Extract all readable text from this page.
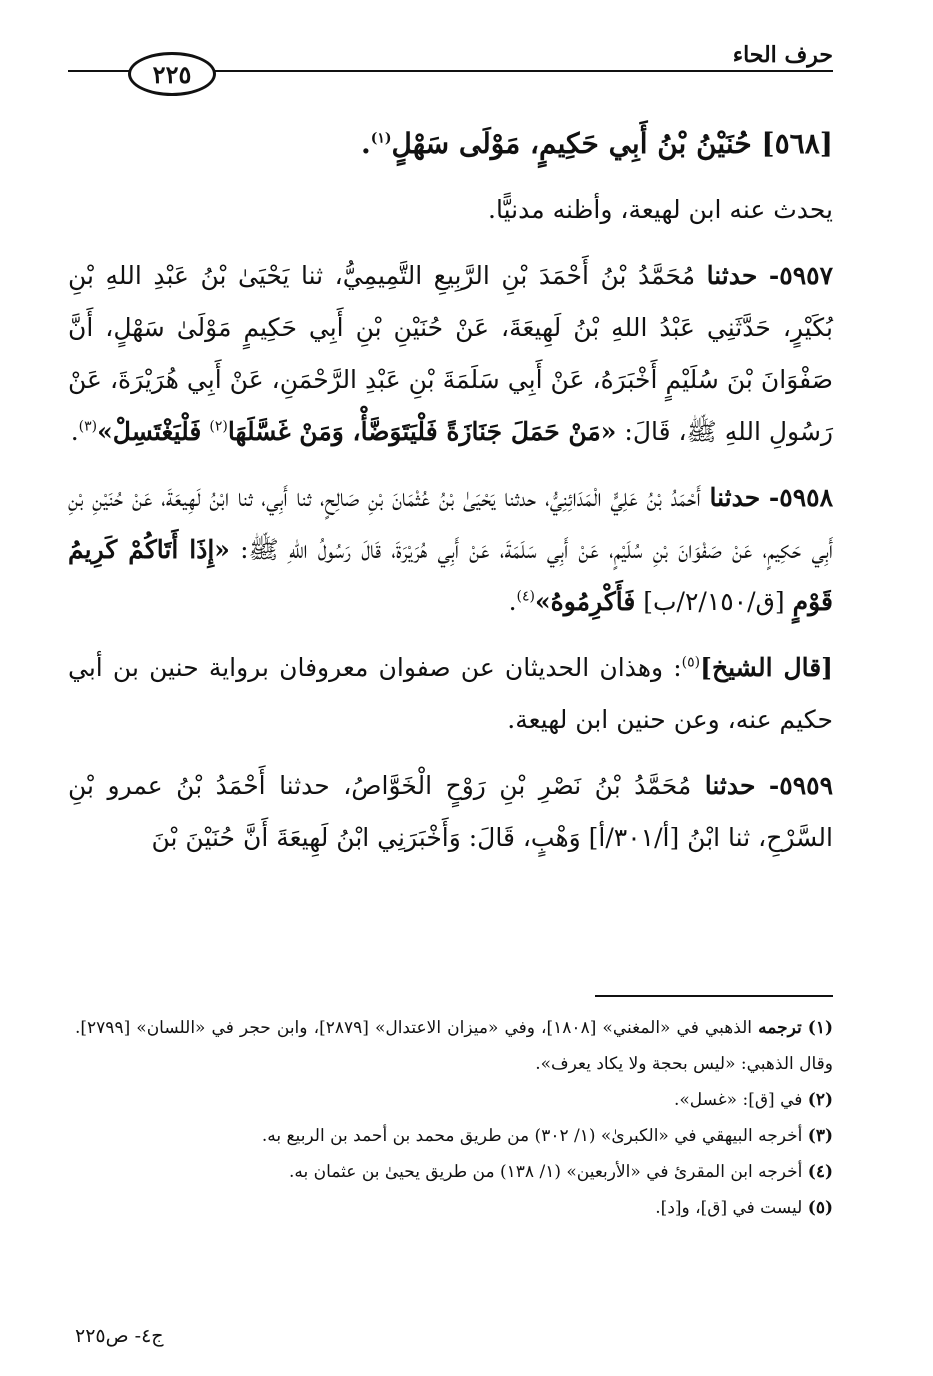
حرف الحاء
٢٢٥
[٥٦٨] حُنَيْنُ بْنُ أَبِي حَكِيمٍ، مَوْلَى سَهْلٍ$^{(١)}$.
يحدث عنه ابن لهيعة، وأظنه مدنيًّا.
٥٩٥٧- حدثنا مُحَمَّدُ بْنُ أَحْمَدَ بْنِ الرَّبِيعِ التَّمِيمِيُّ، ثنا يَحْيَىٰ بْنُ عَبْدِ اللهِ بْنِ بُكَيْرٍ، حَدَّثَنِي عَبْدُ اللهِ بْنُ لَهِيعَةَ، عَنْ حُنَيْنِ بْنِ أَبِي حَكِيمٍ مَوْلَىٰ سَهْلٍ، أَنَّ صَفْوَانَ بْنَ سُلَيْمٍ أَخْبَرَهُ، عَنْ أَبِي سَلَمَةَ بْنِ عَبْدِ الرَّحْمَنِ، عَنْ أَبِي هُرَيْرَةَ، عَنْ رَسُولِ اللهِ ﷺ، قَالَ: «مَنْ حَمَلَ جَنَازَةً فَلْيَتَوَضَّأْ، وَمَنْ غَسَّلَهَا$^{(٢)}$ فَلْيَغْتَسِلْ»$^{(٣)}$.
٥٩٥٨- حدثنا أَحْمَدُ بْنُ عَلِيٍّ الْمَدَائِنِيُّ، حدثنا يَحْيَىٰ بْنُ عُثْمَانَ بْنِ صَالِحٍ، ثنا أَبِي، ثنا ابْنُ لَهِيعَةَ، عَنْ حُنَيْنِ بْنِ أَبِي حَكِيمٍ، عَنْ صَفْوَانَ بْنِ سُلَيْمٍ، عَنْ أَبِي سَلَمَةَ، عَنْ أَبِي هُرَيْرَةَ، قَالَ رَسُولُ اللهِ ﷺ: «إِذَا أَتَاكُمْ كَرِيمُ قَوْمٍ [ق/٢/١٥٠/ب] فَأَكْرِمُوهُ»$^{(٤)}$.
[قال الشيخ]$^{(٥)}$: وهذان الحديثان عن صفوان معروفان برواية حنين بن أبي حكيم عنه، وعن حنين ابن لهيعة.
٥٩٥٩- حدثنا مُحَمَّدُ بْنُ نَصْرِ بْنِ رَوْحٍ الْخَوَّاصُ، حدثنا أَحْمَدُ بْنُ عمرو بْنِ السَّرْحِ، ثنا ابْنُ [أ/٣٠١/أ] وَهْبٍ، قَالَ: وَأَخْبَرَنِي ابْنُ لَهِيعَةَ أَنَّ حُنَيْنَ بْنَ

(١) ترجمه الذهبي في «المغني» [١٨٠٨]، وفي «ميزان الاعتدال» [٢٨٧٩]، وابن حجر في «اللسان» [٢٧٩٩]. وقال الذهبي: «ليس بحجة ولا يكاد يعرف».

(٢) في [ق]: «غسل».

(٣) أخرجه البيهقي في «الكبرىٰ» (١/ ٣٠٢) من طريق محمد بن أحمد بن الربيع به.

(٤) أخرجه ابن المقرئ في «الأربعين» (١/ ١٣٨) من طريق يحيىٰ بن عثمان به.

(٥) ليست في [ق]، و[د].

ج٤- ص٢٢٥
